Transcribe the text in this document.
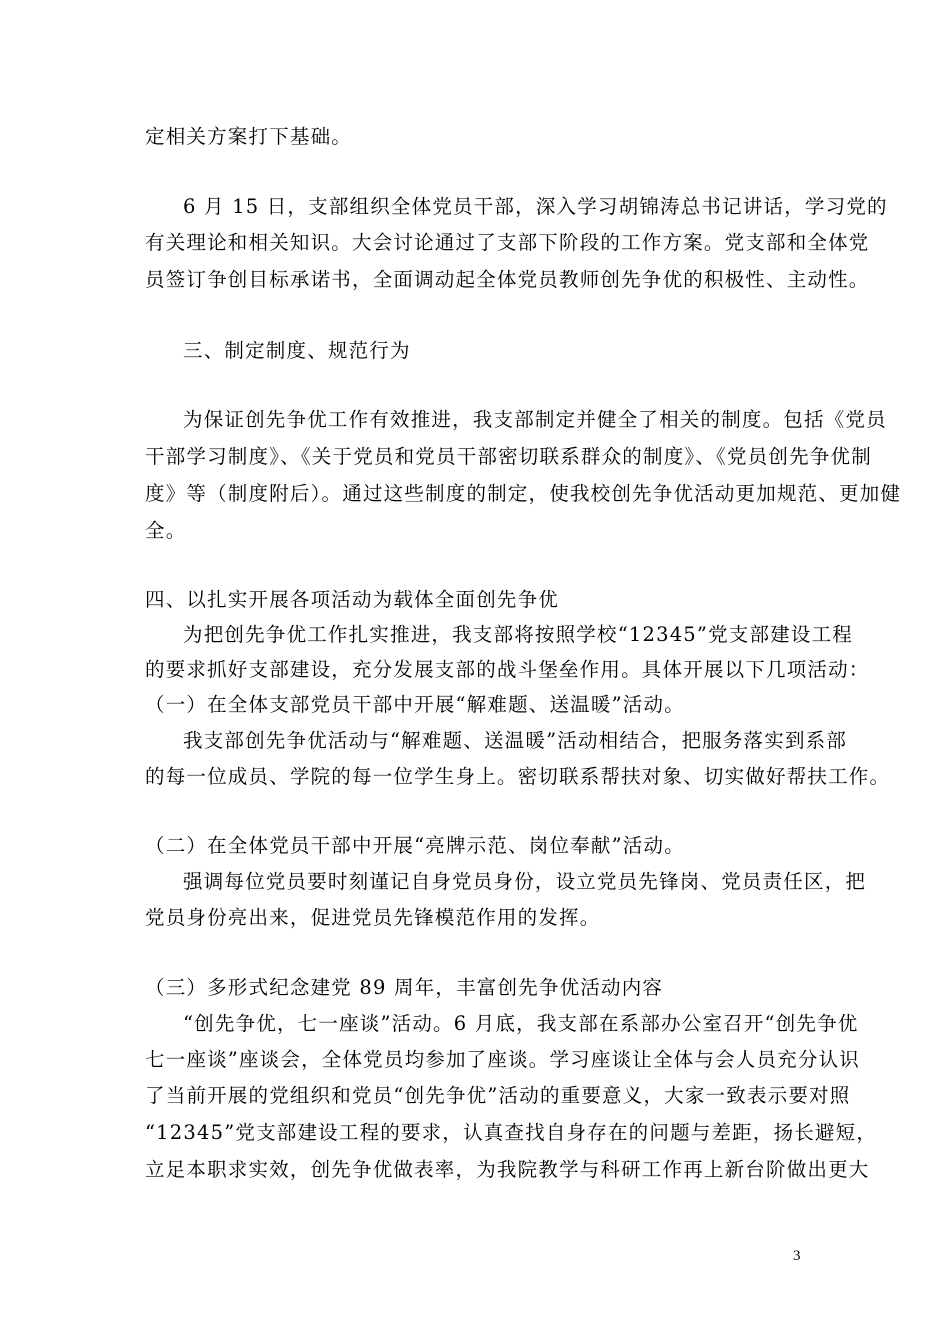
定相关方案打下基础。
6 月 15 日，支部组织全体党员干部，深入学习胡锦涛总书记讲话，学习党的
有关理论和相关知识。大会讨论通过了支部下阶段的工作方案。党支部和全体党
员签订争创目标承诺书，全面调动起全体党员教师创先争优的积极性、主动性。
三、制定制度、规范行为
为保证创先争优工作有效推进，我支部制定并健全了相关的制度。包括《党员
干部学习制度》、《关于党员和党员干部密切联系群众的制度》、《党员创先争优制
度》等（制度附后）。通过这些制度的制定，使我校创先争优活动更加规范、更加健
全。
四、以扎实开展各项活动为载体全面创先争优
为把创先争优工作扎实推进，我支部将按照学校“12345”党支部建设工程
的要求抓好支部建设，充分发展支部的战斗堡垒作用。具体开展以下几项活动：
（一）在全体支部党员干部中开展“解难题、送温暖”活动。
我支部创先争优活动与“解难题、送温暖”活动相结合，把服务落实到系部
的每一位成员、学院的每一位学生身上。密切联系帮扶对象、切实做好帮扶工作。
（二）在全体党员干部中开展“亮牌示范、岗位奉献”活动。
强调每位党员要时刻谨记自身党员身份，设立党员先锋岗、党员责任区，把
党员身份亮出来，促进党员先锋模范作用的发挥。
（三）多形式纪念建党 89 周年，丰富创先争优活动内容
“创先争优，七一座谈”活动。6 月底，我支部在系部办公室召开“创先争优
七一座谈”座谈会，全体党员均参加了座谈。学习座谈让全体与会人员充分认识
了当前开展的党组织和党员“创先争优”活动的重要意义，大家一致表示要对照
“12345”党支部建设工程的要求，认真查找自身存在的问题与差距，扬长避短，
立足本职求实效，创先争优做表率，为我院教学与科研工作再上新台阶做出更大
3
